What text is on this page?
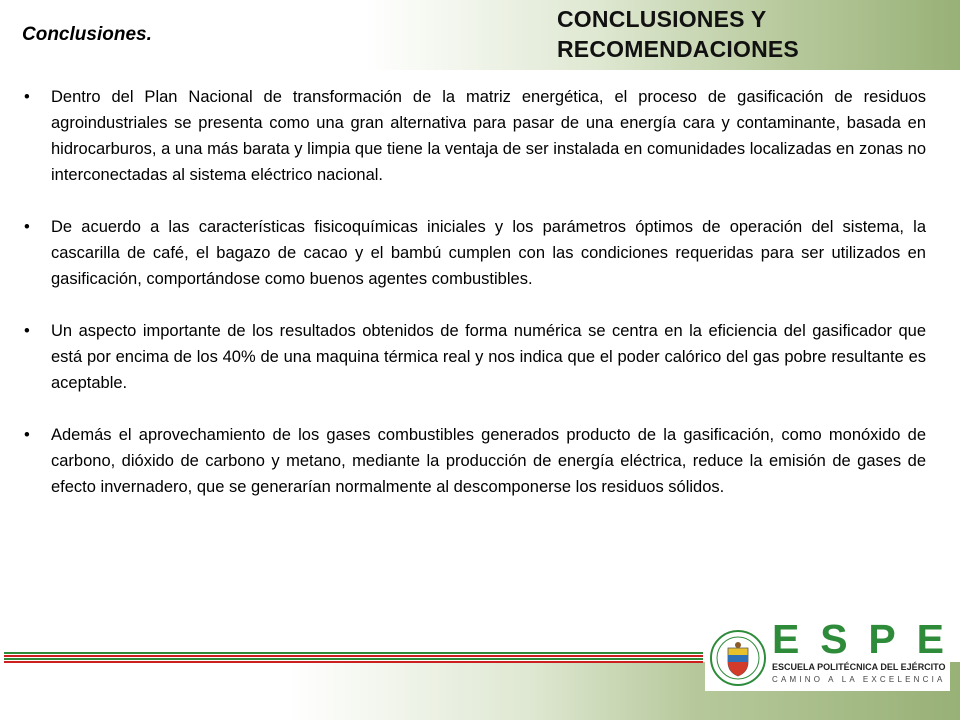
Conclusiones.

CONCLUSIONES Y RECOMENDACIONES
• Dentro del Plan Nacional de transformación de la matriz energética, el proceso de gasificación de residuos agroindustriales se presenta como una gran alternativa para pasar de una energía cara y contaminante, basada en hidrocarburos, a una más barata y limpia que tiene la ventaja de ser instalada en comunidades localizadas en zonas no interconectadas al sistema eléctrico nacional.
• De acuerdo a las características fisicoquímicas iniciales y los parámetros óptimos de operación del sistema, la cascarilla de café, el bagazo de cacao y el bambú cumplen con las condiciones requeridas para ser utilizados en gasificación, comportándose como buenos agentes combustibles.
• Un aspecto importante de los resultados obtenidos de forma numérica se centra en la eficiencia del gasificador que está por encima de los 40% de una maquina térmica real y nos indica que el poder calórico del gas pobre resultante es aceptable.
• Además el aprovechamiento de los gases combustibles generados producto de la gasificación, como monóxido de carbono, dióxido de carbono y metano, mediante la producción de energía eléctrica, reduce la emisión de gases de efecto invernadero, que se generarían normalmente al descomponerse los residuos sólidos.
E S P E
ESCUELA POLITÉCNICA DEL EJÉRCITO
CAMINO A LA EXCELENCIA
